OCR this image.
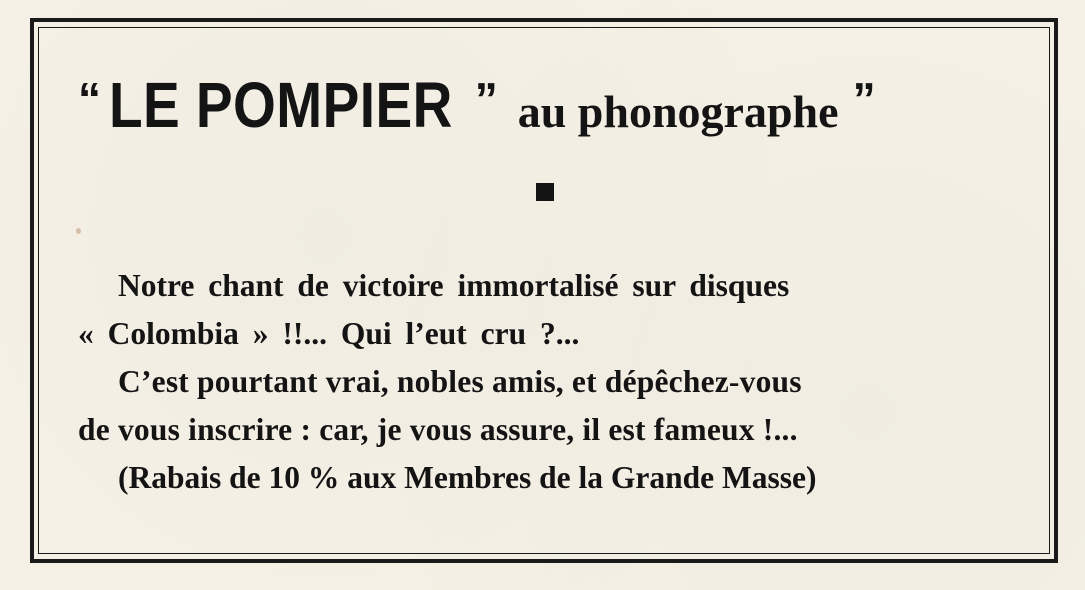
“ LE POMPIER ” au phonographe ”
Notre chant de victoire immortalisé sur disques
« Colombia » !!... Qui l’eut cru ?...
C’est pourtant vrai, nobles amis, et dépêchez-vous
de vous inscrire : car, je vous assure, il est fameux !...
(Rabais de 10 % aux Membres de la Grande Masse)
